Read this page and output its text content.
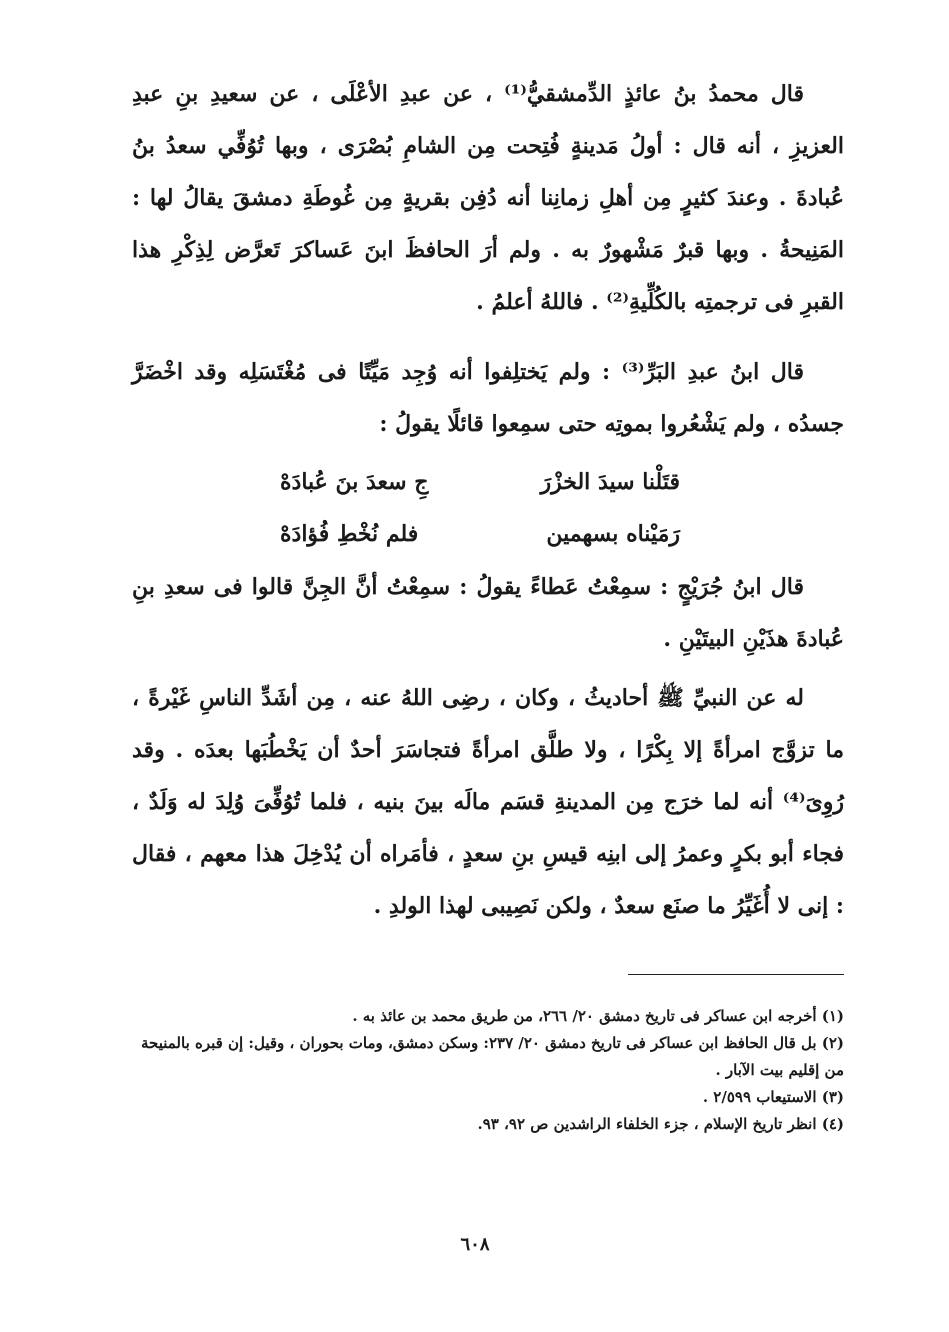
قال محمدُ بنُ عائذٍ الدِّمشقيُّ⁽¹⁾ ، عن عبدِ الأعْلَى ، عن سعيدِ بنِ عبدِ العزيزِ ، أنه قال : أولُ مَدينةٍ فُتِحت مِن الشامِ بُصْرَى ، وبها تُوُفِّي سعدُ بنُ عُبادةَ . وعندَ كثيرٍ مِن أهلِ زمانِنا أنه دُفِن بقريةٍ مِن غُوطَةِ دمشقَ يقالُ لها : المَنِيحةُ . وبها قبرٌ مَشْهورٌ به . ولم أرَ الحافظَ ابنَ عَساكرَ تَعرَّض لِذِكْرِ هذا القبرِ فى ترجمتِه بالكُلِّيةِ⁽²⁾ . فاللهُ أعلمُ .

قال ابنُ عبدِ البَرِّ⁽³⁾ : ولم يَختلِفوا أنه وُجِد مَيِّتًا فى مُغْتَسَلِه وقد اخْضَرَّ جسدُه ، ولم يَشْعُروا بموتِه حتى سمِعوا قائلًا يقولُ :

قتَلْنا سيدَ الخزْرَ
جِ سعدَ بنَ عُبادَهْ
رَمَيْناه بسهمين
فلم نُخْطِ فُؤادَهْ

قال ابنُ جُرَيْجٍ : سمِعْتُ عَطاءً يقولُ : سمِعْتُ أنَّ الجِنَّ قالوا فى سعدِ بنِ عُبادةَ هذَيْنِ البيتَيْنِ .

له عن النبيِّ ﷺ أحاديثُ ، وكان ، رضِى اللهُ عنه ، مِن أشَدِّ الناسِ غَيْرةً ، ما تزوَّج امرأةً إلا بِكْرًا ، ولا طلَّق امرأةً فتجاسَرَ أحدٌ أن يَخْطُبَها بعدَه . وقد رُوِىَ⁽⁴⁾ أنه لما خرَج مِن المدينةِ قسَم مالَه بينَ بنيه ، فلما تُوُفِّىَ وُلِدَ له وَلَدٌ ، فجاء أبو بكرٍ وعمرُ إلى ابنِه قيسِ بنِ سعدٍ ، فأمَراه أن يُدْخِلَ هذا معهم ، فقال : إنى لا أُغَيِّرُ ما صنَع سعدٌ ، ولكن نَصِيبى لهذا الولدِ .

(١) أخرجه ابن عساكر فى تاريخ دمشق ٢٠/ ٢٦٦، من طريق محمد بن عائذ به .

(٢) بل قال الحافظ ابن عساكر فى تاريخ دمشق ٢٠/ ٢٣٧: وسكن دمشق، ومات بحوران ، وقيل: إن قبره بالمنيحة من إقليم بيت الآبار .

(٣) الاستيعاب ٢/٥٩٩ .

(٤) انظر تاريخ الإسلام ، جزء الخلفاء الراشدين ص ٩٢، ٩٣.

٦٠٨
